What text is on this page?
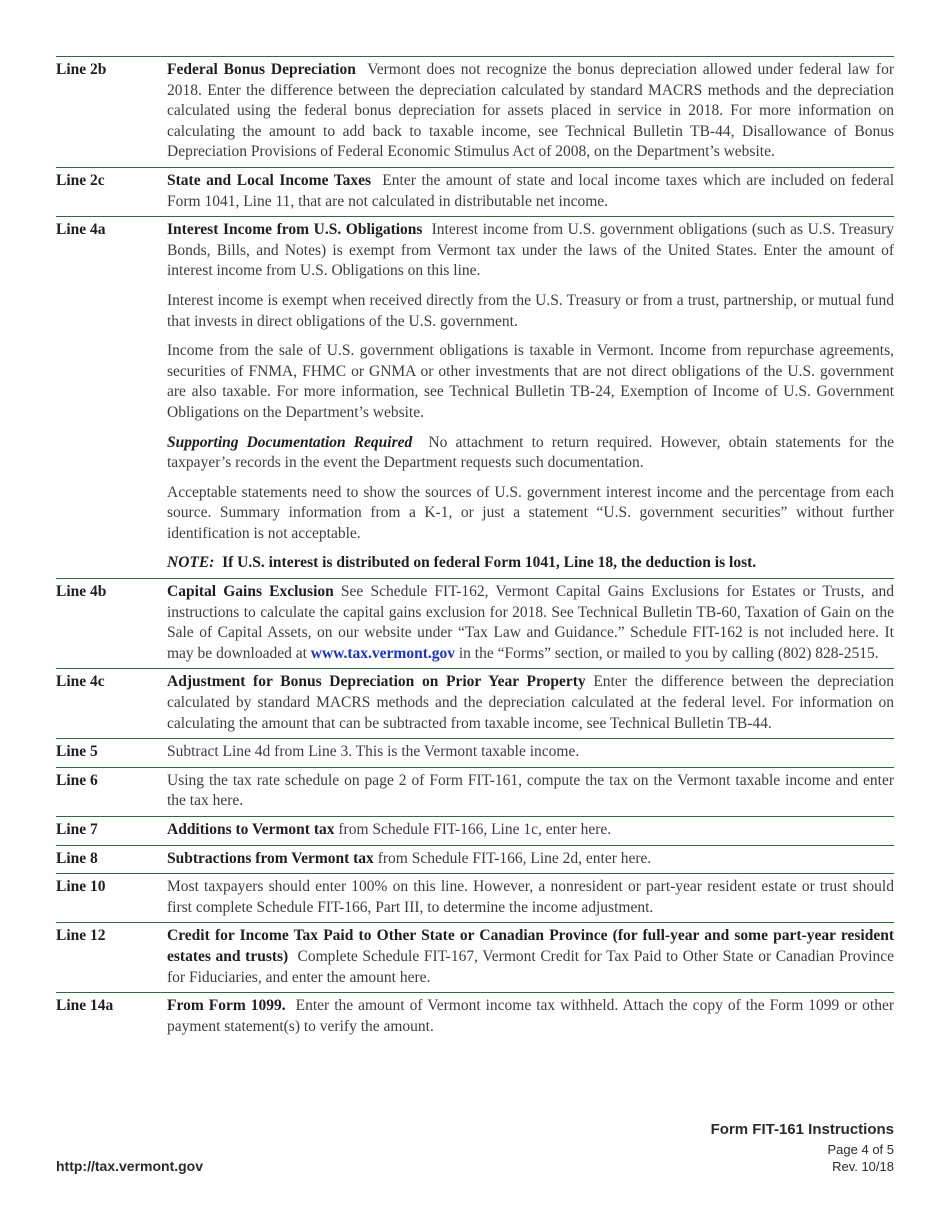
Line 2b	Federal Bonus Depreciation Vermont does not recognize the bonus depreciation allowed under federal law for 2018. Enter the difference between the depreciation calculated by standard MACRS methods and the depreciation calculated using the federal bonus depreciation for assets placed in service in 2018. For more information on calculating the amount to add back to taxable income, see Technical Bulletin TB-44, Disallowance of Bonus Depreciation Provisions of Federal Economic Stimulus Act of 2008, on the Department’s website.

Line 2c	State and Local Income Taxes Enter the amount of state and local income taxes which are included on federal Form 1041, Line 11, that are not calculated in distributable net income.

Line 4a	Interest Income from U.S. Obligations Interest income from U.S. government obligations (such as U.S. Treasury Bonds, Bills, and Notes) is exempt from Vermont tax under the laws of the United States. Enter the amount of interest income from U.S. Obligations on this line.

Interest income is exempt when received directly from the U.S. Treasury or from a trust, partnership, or mutual fund that invests in direct obligations of the U.S. government.

Income from the sale of U.S. government obligations is taxable in Vermont. Income from repurchase agreements, securities of FNMA, FHMC or GNMA or other investments that are not direct obligations of the U.S. government are also taxable. For more information, see Technical Bulletin TB-24, Exemption of Income of U.S. Government Obligations on the Department’s website.

Supporting Documentation Required No attachment to return required. However, obtain statements for the taxpayer’s records in the event the Department requests such documentation.

Acceptable statements need to show the sources of U.S. government interest income and the percentage from each source. Summary information from a K-1, or just a statement “U.S. government securities” without further identification is not acceptable.

NOTE: If U.S. interest is distributed on federal Form 1041, Line 18, the deduction is lost.

Line 4b	Capital Gains Exclusion See Schedule FIT-162, Vermont Capital Gains Exclusions for Estates or Trusts, and instructions to calculate the capital gains exclusion for 2018. See Technical Bulletin TB-60, Taxation of Gain on the Sale of Capital Assets, on our website under “Tax Law and Guidance.” Schedule FIT-162 is not included here. It may be downloaded at www.tax.vermont.gov in the “Forms” section, or mailed to you by calling (802) 828-2515.

Line 4c	Adjustment for Bonus Depreciation on Prior Year Property Enter the difference between the depreciation calculated by standard MACRS methods and the depreciation calculated at the federal level. For information on calculating the amount that can be subtracted from taxable income, see Technical Bulletin TB-44.

Line 5	Subtract Line 4d from Line 3. This is the Vermont taxable income.

Line 6	Using the tax rate schedule on page 2 of Form FIT-161, compute the tax on the Vermont taxable income and enter the tax here.

Line 7	Additions to Vermont tax from Schedule FIT-166, Line 1c, enter here.

Line 8	Subtractions from Vermont tax from Schedule FIT-166, Line 2d, enter here.

Line 10	Most taxpayers should enter 100% on this line. However, a nonresident or part-year resident estate or trust should first complete Schedule FIT-166, Part III, to determine the income adjustment.

Line 12	Credit for Income Tax Paid to Other State or Canadian Province (for full-year and some part-year resident estates and trusts) Complete Schedule FIT-167, Vermont Credit for Tax Paid to Other State or Canadian Province for Fiduciaries, and enter the amount here.

Line 14a	From Form 1099. Enter the amount of Vermont income tax withheld. Attach the copy of the Form 1099 or other payment statement(s) to verify the amount.

Form FIT-161 Instructions
Page 4 of 5
Rev. 10/18
http://tax.vermont.gov
